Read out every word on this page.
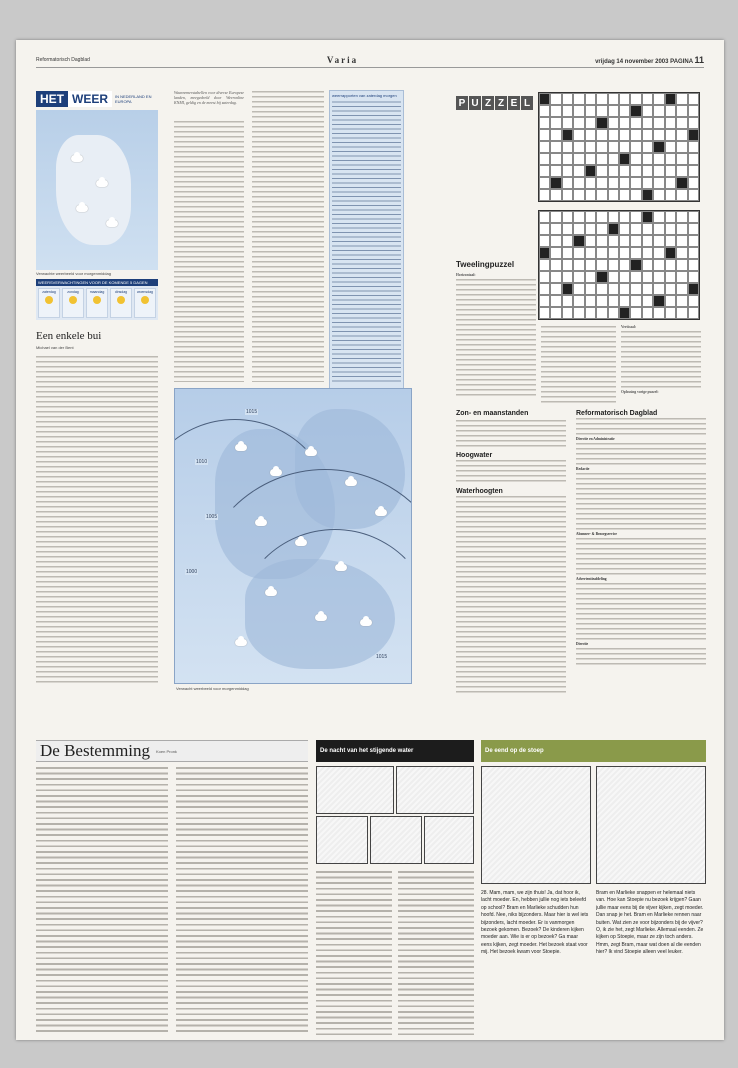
Reformatorisch Dagblad	Varia	vrijdag 14 november 2003 PAGINA 11
HET WEER	IN NEDERLAND EN EUROPA
Verwachte weerbeeld voor morgenmiddag
WEERSVERWACHTINGEN VOOR DE KOMENDE 5 DAGEN
zaterdag	zondag	maandag	dinsdag	woensdag
Een enkele bui
Michael van der Bent
Waarnemerstabellen voor diverse Europese landen, meegedeeld door Weeronline KNMI, geldig en de meest bij zaterdag.
weerrapporten van zaterdag morgen
1015
1010
1005
1000
1015
Verwacht weerbeeld voor morgenmiddag
P U Z Z E L
Tweelingpuzzel
Horizontaal:
Verticaal:
Oplossing vorige puzzel:
Zon- en maanstanden
Hoogwater
Waterhoogten
Reformatorisch Dagblad
Directie en Administratie
Redactie
Abonnee- & Bezorgservice
Advertentieafdeling
Directie
De Bestemming Koen Pronk	De nacht van het stijgende water	De eend op de stoep
28. Mam, mam, we zijn thuis! Ja, dat hoor ik, lacht moeder. En, hebben jullie nog iets beleefd op school? Bram en Marlieke schudden hun hoofd. Nee, niks bijzonders. Maar hier is wel iets bijzonders, lacht moeder. Er is vanmorgen bezoek gekomen. Bezoek? De kinderen kijken moeder aan. Wie is er op bezoek? Ga maar eens kijken, zegt moeder. Het bezoek staat voor mij. Het bezoek kwam voor Stoepie.
Bram en Marlieke snappen er helemaal niets van. Hoe kan Stoepie nu bezoek krijgen? Gaan jullie maar eens bij de vijver kijken, zegt moeder. Dan snap je het. Bram en Marlieke rennen naar buiten. Wat zien ze voor bijzonders bij de vijver? O, ik zie het, zegt Marlieke. Allemaal eenden. Ze kijken op Stoepie, maar ze zijn toch anders. Hmm, zegt Bram, maar wat doen al die eenden hier? Ik vind Stoepie alleen veel leuker.
